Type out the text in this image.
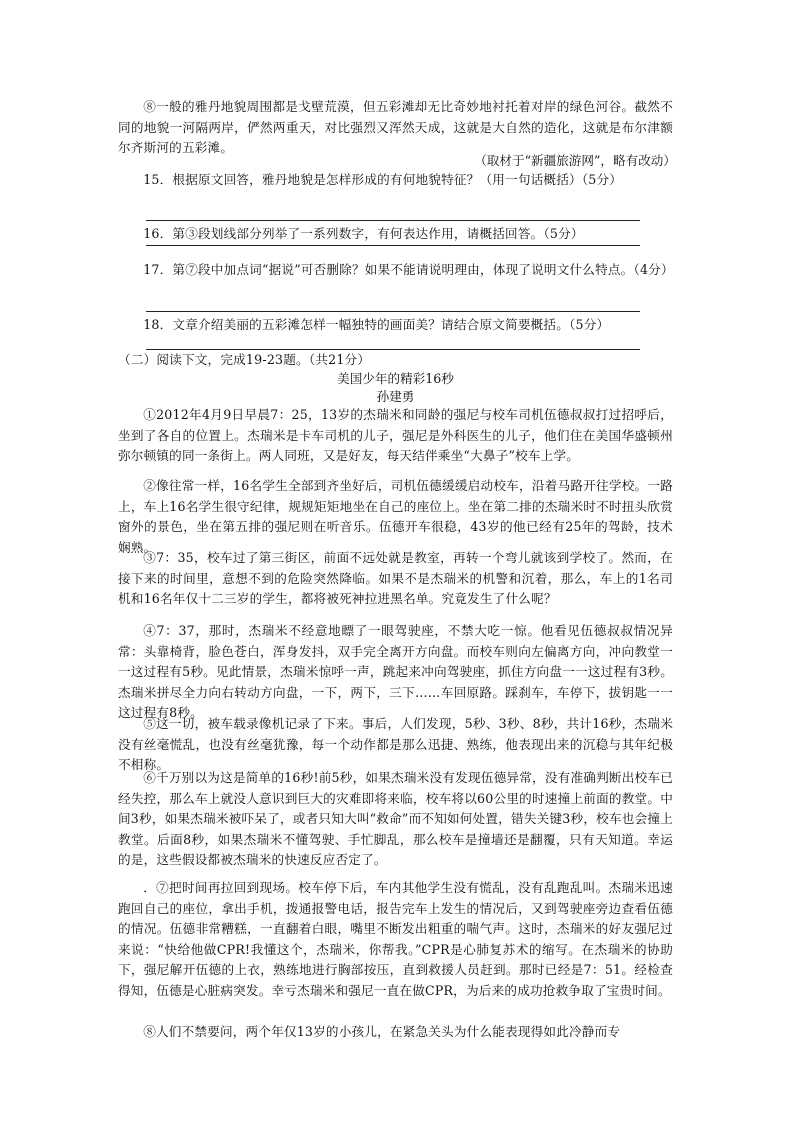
⑧一般的雅丹地貌周围都是戈壁荒漠，但五彩滩却无比奇妙地衬托着对岸的绿色河谷。截然不同的地貌一河隔两岸，俨然两重天，对比强烈又浑然天成，这就是大自然的造化，这就是布尔津额尔齐斯河的五彩滩。

（取材于“新疆旅游网”，略有改动）

15．根据原文回答，雅丹地貌是怎样形成的有何地貌特征？（用一句话概括）（5分）

16．第③段划线部分列举了一系列数字，有何表达作用，请概括回答。（5分）

17．第⑦段中加点词“据说”可否删除？如果不能请说明理由，体现了说明文什么特点。（4分）

18．文章介绍美丽的五彩滩怎样一幅独特的画面美？请结合原文简要概括。（5分）

（二）阅读下文，完成19-23题。（共21分）

美国少年的精彩16秒
孙建勇

①2012年4月9日早晨7：25，13岁的杰瑞米和同龄的强尼与校车司机伍德叔叔打过招呼后，坐到了各自的位置上。杰瑞米是卡车司机的儿子，强尼是外科医生的儿子，他们住在美国华盛顿州弥尔顿镇的同一条街上。两人同班，又是好友，每天结伴乘坐“大鼻子”校车上学。

②像往常一样，16名学生全部到齐坐好后，司机伍德缓缓启动校车，沿着马路开往学校。一路上，车上16名学生很守纪律，规规矩矩地坐在自己的座位上。坐在第二排的杰瑞米时不时扭头欣赏窗外的景色，坐在第五排的强尼则在听音乐。伍德开车很稳，43岁的他已经有25年的驾龄，技术娴熟。

③7：35，校车过了第三街区，前面不远处就是教室，再转一个弯儿就该到学校了。然而，在接下来的时间里，意想不到的危险突然降临。如果不是杰瑞米的机警和沉着，那么，车上的1名司机和16名年仅十二三岁的学生，都将被死神拉进黑名单。究竟发生了什么呢？

④7：37，那时，杰瑞米不经意地瞟了一眼驾驶座，不禁大吃一惊。他看见伍德叔叔情况异常：头靠椅背，脸色苍白，浑身发抖，双手完全离开方向盘。而校车则向左偏离方向，冲向教堂一一这过程有5秒。见此情景，杰瑞米惊呼一声，跳起来冲向驾驶座，抓住方向盘一一这过程有3秒。杰瑞米拼尽全力向右转动方向盘，一下，两下，三下……车回原路。踩刹车，车停下，拔钥匙一一这过程有8秒。

⑤这一切，被车载录像机记录了下来。事后，人们发现，5秒、3秒、8秒，共计16秒，杰瑞米没有丝毫慌乱，也没有丝毫犹豫，每一个动作都是那么迅捷、熟练，他表现出来的沉稳与其年纪极不相称。

⑥千万别以为这是简单的16秒!前5秒，如果杰瑞米没有发现伍德异常，没有准确判断出校车已经失控，那么车上就没人意识到巨大的灾难即将来临，校车将以60公里的时速撞上前面的教堂。中间3秒，如果杰瑞米被吓呆了，或者只知大叫“救命”而不知如何处置，错失关键3秒，校车也会撞上教堂。后面8秒，如果杰瑞米不懂驾驶、手忙脚乱，那么校车是撞墙还是翻覆，只有天知道。幸运的是，这些假设都被杰瑞米的快速反应否定了。

．⑦把时间再拉回到现场。校车停下后，车内其他学生没有慌乱，没有乱跑乱叫。杰瑞米迅速跑回自己的座位，拿出手机，拨通报警电话，报告完车上发生的情况后，又到驾驶座旁边查看伍德的情况。伍德非常糟糕，一直翻着白眼，嘴里不断发出粗重的喘气声。这时，杰瑞米的好友强尼过来说：“快给他做CPR!我懂这个，杰瑞米，你帮我。”CPR是心肺复苏术的缩写。在杰瑞米的协助下，强尼解开伍德的上衣，熟练地进行胸部按压，直到救援人员赶到。那时已经是7：51。经检查得知，伍德是心脏病突发。幸亏杰瑞米和强尼一直在做CPR，为后来的成功抢救争取了宝贵时间。

⑧人们不禁要问，两个年仅13岁的小孩儿，在紧急关头为什么能表现得如此冷静而专
